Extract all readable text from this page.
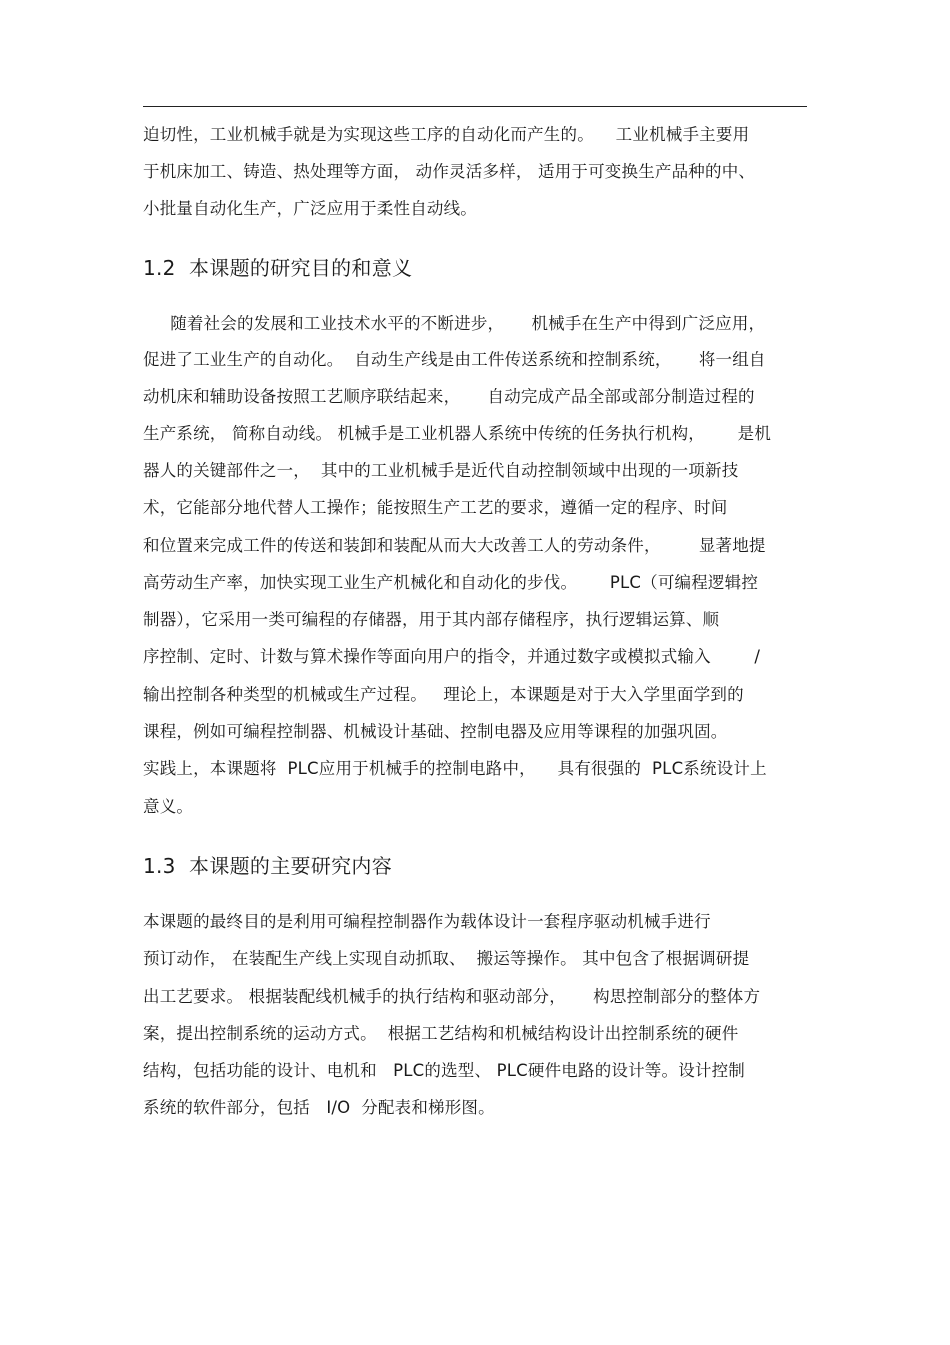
迫切性，工业机械手就是为实现这些工序的自动化而产生的。    工业机械手主要用
于机床加工、铸造、热处理等方面， 动作灵活多样， 适用于可变换生产品种的中、
小批量自动化生产，广泛应用于柔性自动线。
1.2  本课题的研究目的和意义
随着社会的发展和工业技术水平的不断进步，     机械手在生产中得到广泛应用，
促进了工业生产的自动化。  自动生产线是由工件传送系统和控制系统，     将一组自
动机床和辅助设备按照工艺顺序联结起来，     自动完成产品全部或部分制造过程的
生产系统， 简称自动线。 机械手是工业机器人系统中传统的任务执行机构，      是机
器人的关键部件之一，  其中的工业机械手是近代自动控制领域中出现的一项新技
术，它能部分地代替人工操作；能按照生产工艺的要求，遵循一定的程序、时间
和位置来完成工件的传送和装卸和装配从而大大改善工人的劳动条件，       显著地提
高劳动生产率，加快实现工业生产机械化和自动化的步伐。      PLC（可编程逻辑控
制器），它采用一类可编程的存储器，用于其内部存储程序，执行逻辑运算、顺
序控制、定时、计数与算术操作等面向用户的指令，并通过数字或模拟式输入        /
输出控制各种类型的机械或生产过程。   理论上，本课题是对于大入学里面学到的
课程，例如可编程控制器、机械设计基础、控制电器及应用等课程的加强巩固。
实践上，本课题将  PLC应用于机械手的控制电路中，    具有很强的  PLC系统设计上
意义。
1.3  本课题的主要研究内容
本课题的最终目的是利用可编程控制器作为载体设计一套程序驱动机械手进行
预订动作， 在装配生产线上实现自动抓取、  搬运等操作。 其中包含了根据调研提
出工艺要求。 根据装配线机械手的执行结构和驱动部分，     构思控制部分的整体方
案，提出控制系统的运动方式。  根据工艺结构和机械结构设计出控制系统的硬件
结构，包括功能的设计、电机和   PLC的选型、 PLC硬件电路的设计等。设计控制
系统的软件部分，包括   I/O  分配表和梯形图。
